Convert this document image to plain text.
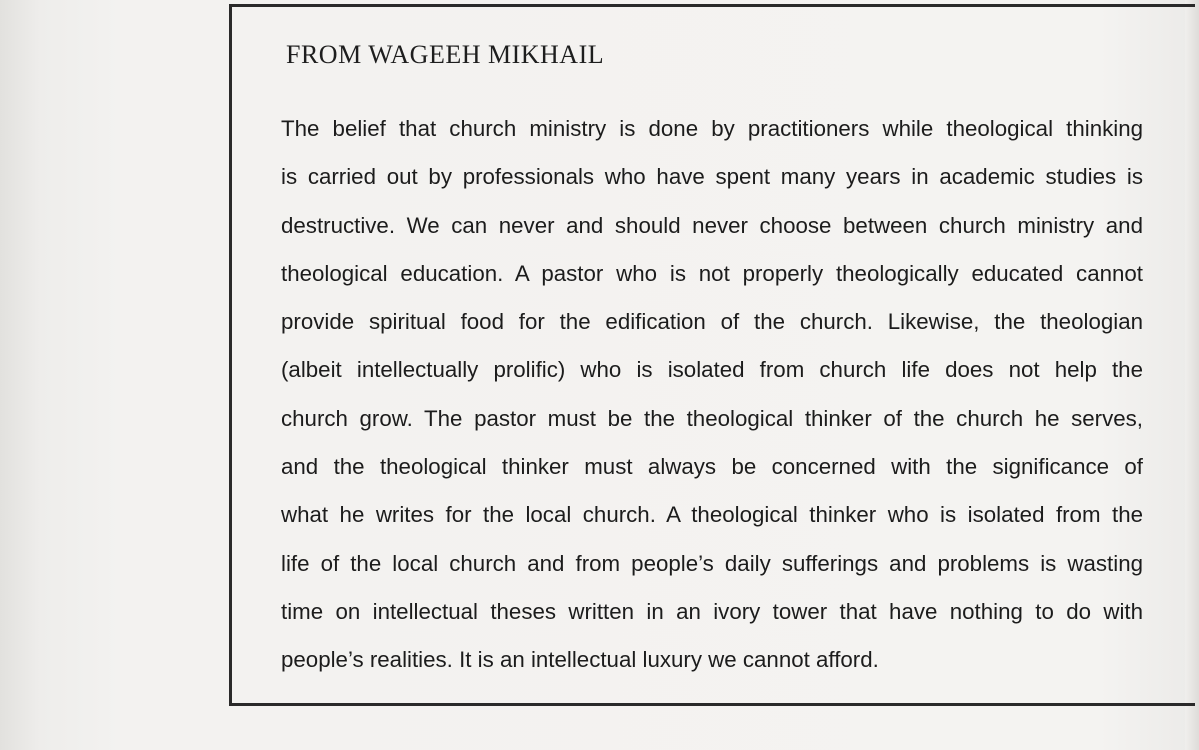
FROM WAGEEH MIKHAIL
The belief that church ministry is done by practitioners while theological thinking
is carried out by professionals who have spent many years in academic studies is
destructive. We can never and should never choose between church ministry and
theological education. A pastor who is not properly theologically educated cannot
provide spiritual food for the edification of the church. Likewise, the theologian
(albeit intellectually prolific) who is isolated from church life does not help the
church grow. The pastor must be the theological thinker of the church he serves,
and the theological thinker must always be concerned with the significance of
what he writes for the local church. A theological thinker who is isolated from the
life of the local church and from people’s daily sufferings and problems is wasting
time on intellectual theses written in an ivory tower that have nothing to do with
people’s realities. It is an intellectual luxury we cannot afford.
